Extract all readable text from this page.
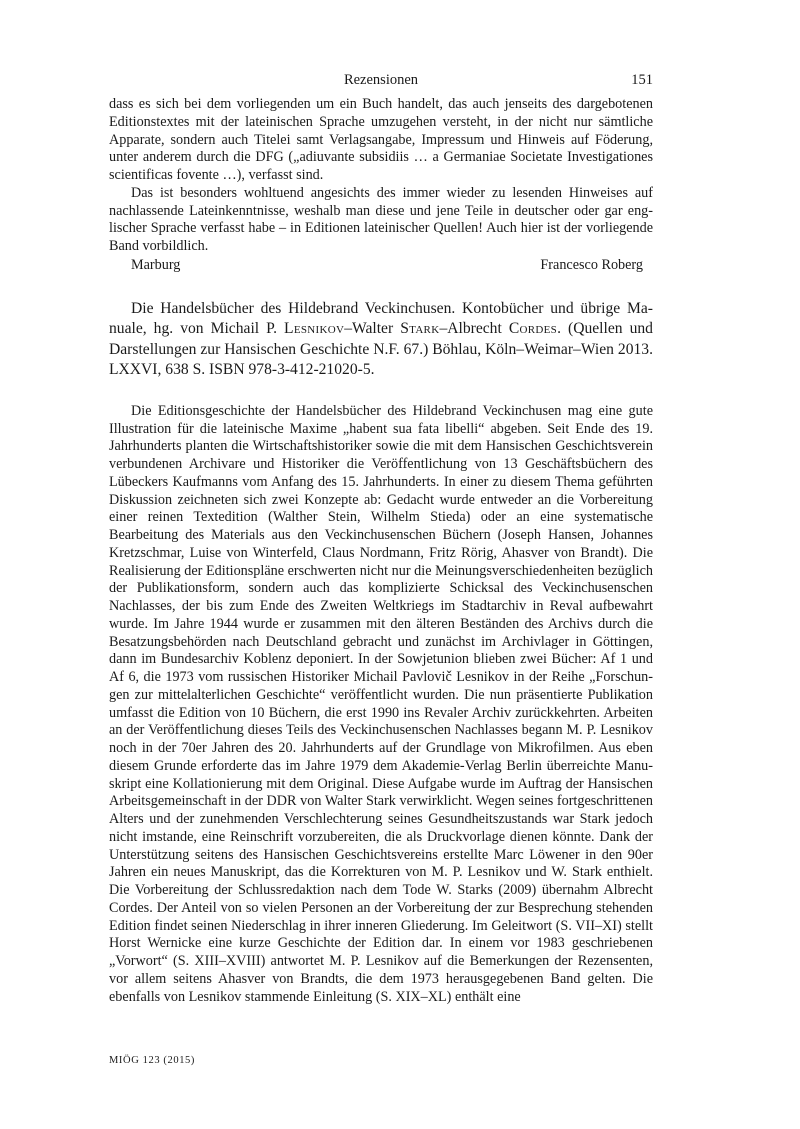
Rezensionen	151

dass es sich bei dem vorliegenden um ein Buch handelt, das auch jenseits des dargebotenen Editionstextes mit der lateinischen Sprache umzugehen versteht, in der nicht nur sämtliche Apparate, sondern auch Titelei samt Verlagsangabe, Impressum und Hinweis auf Föderung, unter anderem durch die DFG („adiuvante subsidiis … a Germaniae Societate Investigationes scientificas fovente …), verfasst sind.

Das ist besonders wohltuend angesichts des immer wieder zu lesenden Hinweises auf nachlassende Lateinkenntnisse, weshalb man diese und jene Teile in deutscher oder gar englischer Sprache verfasst habe – in Editionen lateinischer Quellen! Auch hier ist der vorliegende Band vorbildlich.

Marburg	Francesco Roberg

Die Handelsbücher des Hildebrand Veckinchusen. Kontobücher und übrige Manuale, hg. von Michail P. Lesnikov–Walter Stark–Albrecht Cordes. (Quellen und Darstellungen zur Hansischen Geschichte N.F. 67.) Böhlau, Köln–Weimar–Wien 2013. LXXVI, 638 S. ISBN 978-3-412-21020-5.

Die Editionsgeschichte der Handelsbücher des Hildebrand Veckinchusen mag eine gute Illustration für die lateinische Maxime „habent sua fata libelli“ abgeben. Seit Ende des 19. Jahrhunderts planten die Wirtschaftshistoriker sowie die mit dem Hansischen Geschichtsverein verbundenen Archivare und Historiker die Veröffentlichung von 13 Geschäftsbüchern des Lübeckers Kaufmanns vom Anfang des 15. Jahrhunderts. In einer zu diesem Thema geführten Diskussion zeichneten sich zwei Konzepte ab: Gedacht wurde entweder an die Vorbereitung einer reinen Textedition (Walther Stein, Wilhelm Stieda) oder an eine systematische Bearbeitung des Materials aus den Veckinchusenschen Büchern (Joseph Hansen, Johannes Kretzschmar, Luise von Winterfeld, Claus Nordmann, Fritz Rörig, Ahasver von Brandt). Die Realisierung der Editionspläne erschwerten nicht nur die Meinungsverschiedenheiten bezüglich der Publikationsform, sondern auch das komplizierte Schicksal des Veckinchusenschen Nachlasses, der bis zum Ende des Zweiten Weltkriegs im Stadtarchiv in Reval aufbewahrt wurde. Im Jahre 1944 wurde er zusammen mit den älteren Beständen des Archivs durch die Besatzungsbehörden nach Deutschland gebracht und zunächst im Archivlager in Göttingen, dann im Bundesarchiv Koblenz deponiert. In der Sowjetunion blieben zwei Bücher: Af 1 und Af 6, die 1973 vom russischen Historiker Michail Pavlovič Lesnikov in der Reihe „Forschungen zur mittelalterlichen Geschichte“ veröffentlicht wurden. Die nun präsentierte Publikation umfasst die Edition von 10 Büchern, die erst 1990 ins Revaler Archiv zurückkehrten. Arbeiten an der Veröffentlichung dieses Teils des Veckinchusenschen Nachlasses begann M. P. Lesnikov noch in der 70er Jahren des 20. Jahrhunderts auf der Grundlage von Mikrofilmen. Aus eben diesem Grunde erforderte das im Jahre 1979 dem Akademie-Verlag Berlin überreichte Manuskript eine Kollationierung mit dem Original. Diese Aufgabe wurde im Auftrag der Hansischen Arbeitsgemeinschaft in der DDR von Walter Stark verwirklicht. Wegen seines fortgeschrittenen Alters und der zunehmenden Verschlechterung seines Gesundheitszustands war Stark jedoch nicht imstande, eine Reinschrift vorzubereiten, die als Druckvorlage dienen könnte. Dank der Unterstützung seitens des Hansischen Geschichtsvereins erstellte Marc Löwener in den 90er Jahren ein neues Manuskript, das die Korrekturen von M. P. Lesnikov und W. Stark enthielt. Die Vorbereitung der Schlussredaktion nach dem Tode W. Starks (2009) übernahm Albrecht Cordes. Der Anteil von so vielen Personen an der Vorbereitung der zur Besprechung stehenden Edition findet seinen Niederschlag in ihrer inneren Gliederung. Im Geleitwort (S. VII–XI) stellt Horst Wernicke eine kurze Geschichte der Edition dar. In einem vor 1983 geschriebenen „Vorwort“ (S. XIII–XVIII) antwortet M. P. Lesnikov auf die Bemerkungen der Rezensenten, vor allem seitens Ahasver von Brandts, die dem 1973 herausgegebenen Band gelten. Die ebenfalls von Lesnikov stammende Einleitung (S. XIX–XL) enthält eine

MIÖG 123 (2015)
